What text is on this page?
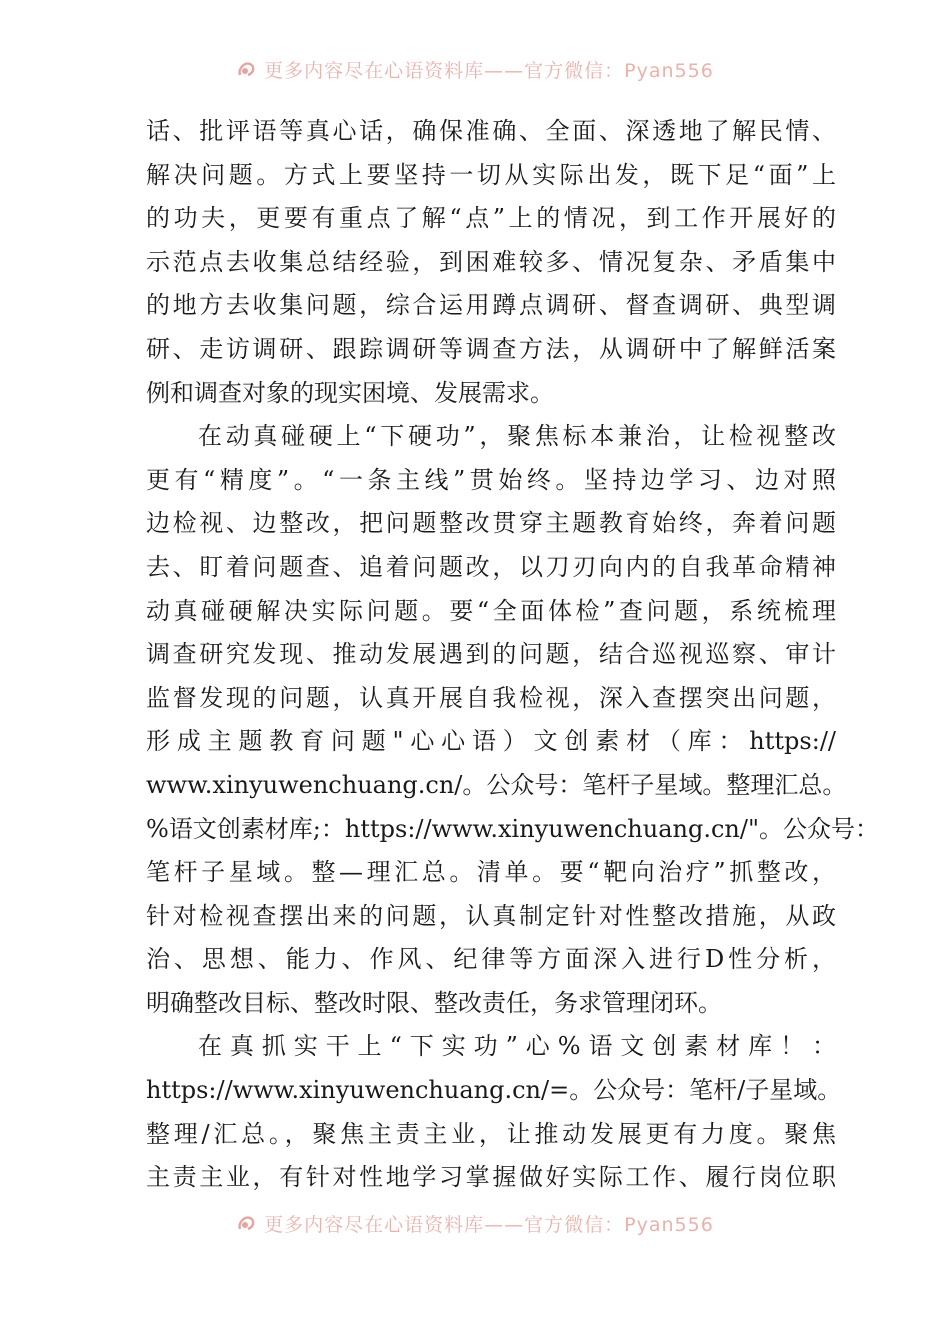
更多内容尽在心语资料库——官方微信：Pyan556
话、批评语等真心话，确保准确、全面、深透地了解民情、
解决问题。方式上要坚持一切从实际出发，既下足“面”上
的功夫，更要有重点了解“点”上的情况，到工作开展好的
示范点去收集总结经验，到困难较多、情况复杂、矛盾集中
的地方去收集问题，综合运用蹲点调研、督查调研、典型调
研、走访调研、跟踪调研等调查方法，从调研中了解鲜活案
例和调查对象的现实困境、发展需求。
在动真碰硬上“下硬功”，聚焦标本兼治，让检视整改
更有“精度”。“一条主线”贯始终。坚持边学习、边对照
边检视、边整改，把问题整改贯穿主题教育始终，奔着问题
去、盯着问题查、追着问题改，以刀刃向内的自我革命精神
动真碰硬解决实际问题。要“全面体检”查问题，系统梳理
调查研究发现、推动发展遇到的问题，结合巡视巡察、审计
监督发现的问题，认真开展自我检视，深入查摆突出问题，
形成主题教育问题"心心语）文创素材（库：https://
www.xinyuwenchuang.cn/。公众号：笔杆子星域。整理汇总。
%语文创素材库;：https://www.xinyuwenchuang.cn/"。公众号：
笔杆子星域。整—理汇总。清单。要“靶向治疗”抓整改，
针对检视查摆出来的问题，认真制定针对性整改措施，从政
治、思想、能力、作风、纪律等方面深入进行D性分析，
明确整改目标、整改时限、整改责任，务求管理闭环。
在真抓实干上“下实功”心%语文创素材库！：
https://www.xinyuwenchuang.cn/=。公众号：笔杆/子星域。
整理/汇总。，聚焦主责主业，让推动发展更有力度。聚焦
主责主业，有针对性地学习掌握做好实际工作、履行岗位职
更多内容尽在心语资料库——官方微信：Pyan556
